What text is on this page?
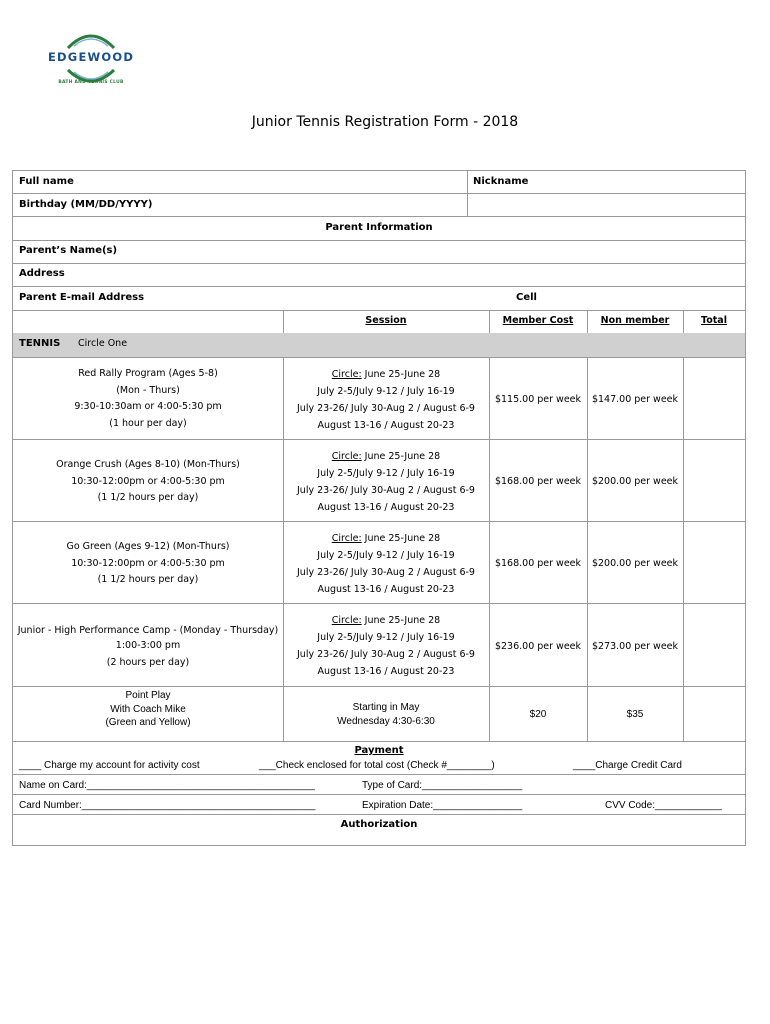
EDGEWOOD
BATH AND TENNIS CLUB
Junior Tennis Registration Form - 2018
Full name	Nickname
Birthday (MM/DD/YYYY)
Parent Information
Parent’s Name(s)
Address
Parent E-mail Address	Cell
Session	Member Cost	Non member	Total
TENNIS Circle One
Red Rally Program (Ages 5-8)
(Mon - Thurs)
9:30-10:30am or 4:00-5:30 pm
(1 hour per day)
Circle: June 25-June 28
July 2-5/July 9-12 / July 16-19
July 23-26/ July 30-Aug 2 / August 6-9
August 13-16 / August 20-23
$115.00 per week	$147.00 per week
Orange Crush (Ages 8-10) (Mon-Thurs)
10:30-12:00pm or 4:00-5:30 pm
(1 1/2 hours per day)
Circle: June 25-June 28
July 2-5/July 9-12 / July 16-19
July 23-26/ July 30-Aug 2 / August 6-9
August 13-16 / August 20-23
$168.00 per week	$200.00 per week
Go Green (Ages 9-12) (Mon-Thurs)
10:30-12:00pm or 4:00-5:30 pm
(1 1/2 hours per day)
Circle: June 25-June 28
July 2-5/July 9-12 / July 16-19
July 23-26/ July 30-Aug 2 / August 6-9
August 13-16 / August 20-23
$168.00 per week	$200.00 per week
Junior - High Performance Camp - (Monday - Thursday)
1:00-3:00 pm
(2 hours per day)
Circle: June 25-June 28
July 2-5/July 9-12 / July 16-19
July 23-26/ July 30-Aug 2 / August 6-9
August 13-16 / August 20-23
$236.00 per week	$273.00 per week
Point Play
With Coach Mike
(Green and Yellow)
Starting in May
Wednesday 4:30-6:30
$20	$35
Payment
____ Charge my account for activity cost	___Check enclosed for total cost (Check #________)	____Charge Credit Card
Name on Card:_________________________________________	Type of Card:__________________
Card Number:__________________________________________	Expiration Date:________________	CVV Code:____________
Authorization
